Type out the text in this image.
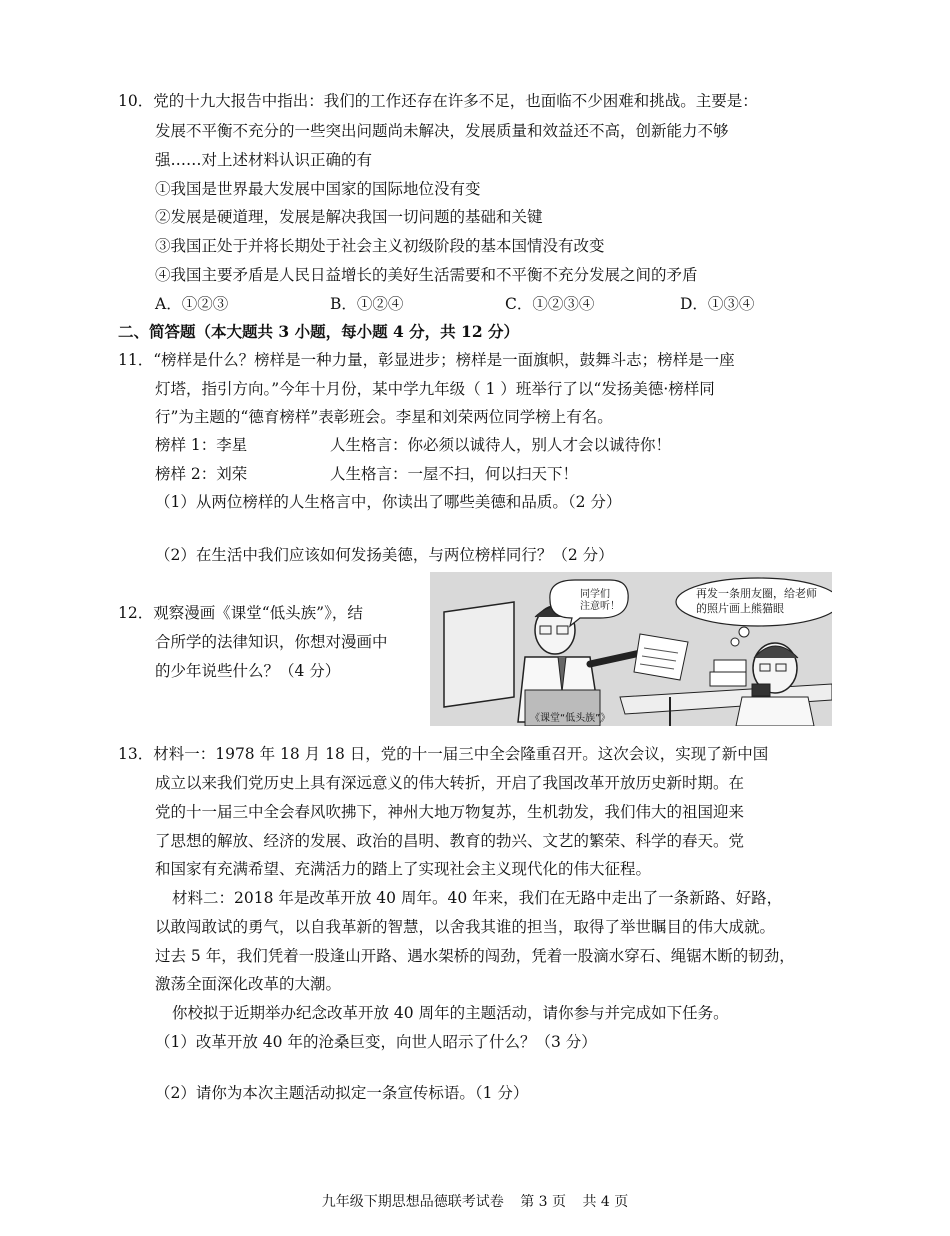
10．党的十九大报告中指出：我们的工作还存在许多不足，也面临不少困难和挑战。主要是：
发展不平衡不充分的一些突出问题尚未解决，发展质量和效益还不高，创新能力不够
强……对上述材料认识正确的有
①我国是世界最大发展中国家的国际地位没有变
②发展是硬道理，发展是解决我国一切问题的基础和关键
③我国正处于并将长期处于社会主义初级阶段的基本国情没有改变
④我国主要矛盾是人民日益增长的美好生活需要和不平衡不充分发展之间的矛盾
A．①②③	B．①②④	C．①②③④	D．①③④
二、简答题（本大题共 3 小题，每小题 4 分，共 12 分）
11．“榜样是什么？榜样是一种力量，彰显进步；榜样是一面旗帜，鼓舞斗志；榜样是一座
灯塔，指引方向。”今年十月份，某中学九年级（ 1 ）班举行了以“发扬美德·榜样同
行”为主题的“德育榜样”表彰班会。李星和刘荣两位同学榜上有名。
榜样 1：李星	人生格言：你必须以诚待人，别人才会以诚待你！
榜样 2：刘荣	人生格言：一屋不扫，何以扫天下！
（1）从两位榜样的人生格言中，你读出了哪些美德和品质。（2 分）
（2）在生活中我们应该如何发扬美德，与两位榜样同行？（2 分）
12．观察漫画《课堂“低头族”》，结
合所学的法律知识，你想对漫画中
的少年说些什么？（4 分）
同学们
注意听！
再发一条朋友圈，给老师
的照片画上熊猫眼
《课堂“低头族”》
13．材料一：1978 年 18 月 18 日，党的十一届三中全会隆重召开。这次会议，实现了新中国
成立以来我们党历史上具有深远意义的伟大转折，开启了我国改革开放历史新时期。在
党的十一届三中全会春风吹拂下，神州大地万物复苏，生机勃发，我们伟大的祖国迎来
了思想的解放、经济的发展、政治的昌明、教育的勃兴、文艺的繁荣、科学的春天。党
和国家有充满希望、充满活力的踏上了实现社会主义现代化的伟大征程。
材料二：2018 年是改革开放 40 周年。40 年来，我们在无路中走出了一条新路、好路，
以敢闯敢试的勇气，以自我革新的智慧，以舍我其谁的担当，取得了举世瞩目的伟大成就。
过去 5 年，我们凭着一股逢山开路、遇水架桥的闯劲，凭着一股滴水穿石、绳锯木断的韧劲，
激荡全面深化改革的大潮。
你校拟于近期举办纪念改革开放 40 周年的主题活动，请你参与并完成如下任务。
（1）改革开放 40 年的沧桑巨变，向世人昭示了什么？（3 分）
（2）请你为本次主题活动拟定一条宣传标语。（1 分）
九年级下期思想品德联考试卷 第 3 页 共 4 页
